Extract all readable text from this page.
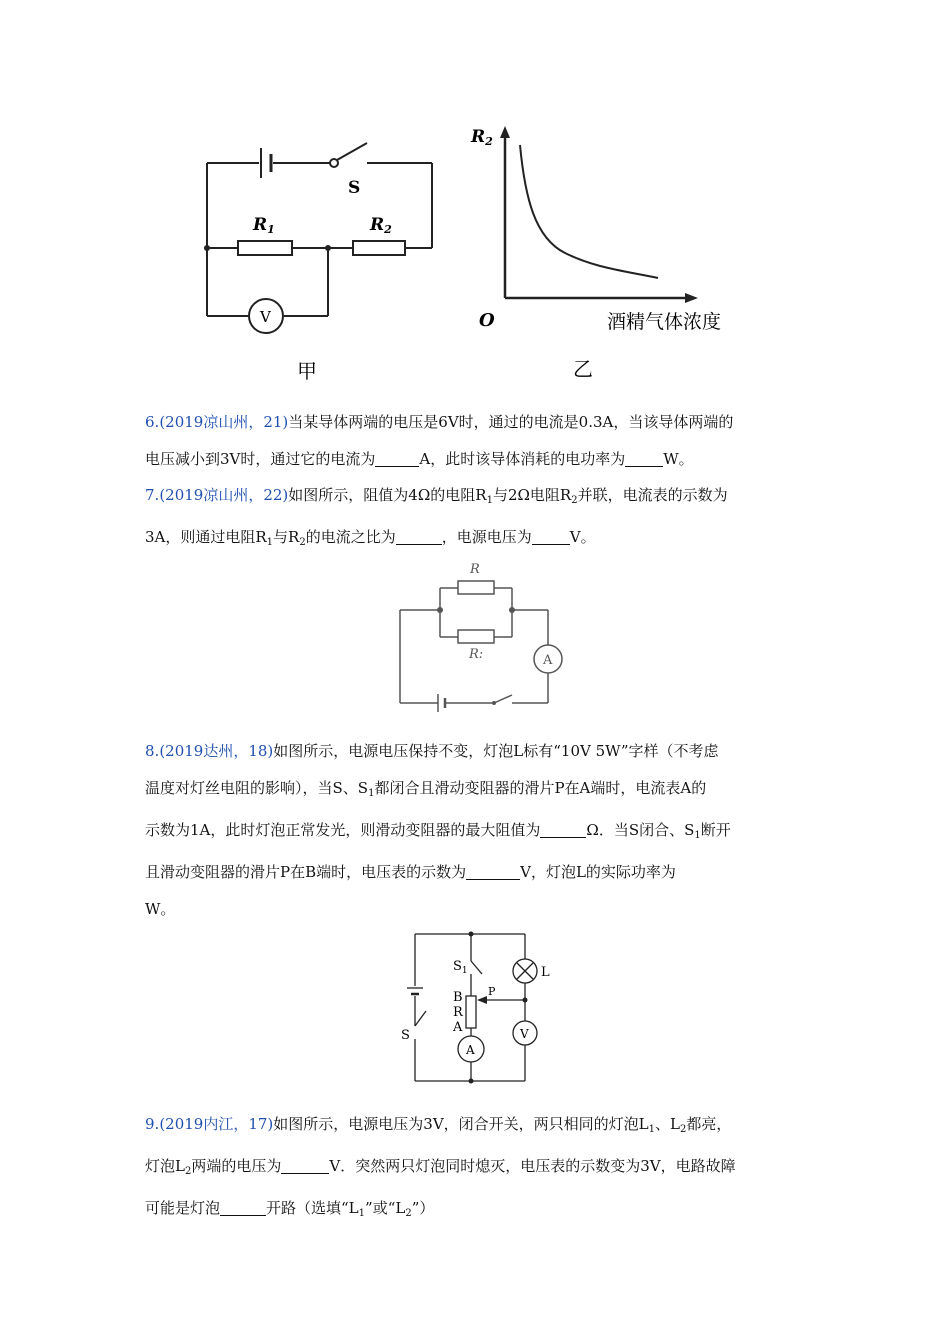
S
R1	R2
V
甲
R2
O	酒精气体浓度
乙
6.(2019凉山州，21)当某导体两端的电压是6V时，通过的电流是0.3A，当该导体两端的
电压减小到3V时，通过它的电流为	A，此时该导体消耗的电功率为	W。
7.(2019凉山州，22)如图所示，阻值为4Ω的电阻$R_1$与2Ω电阻$R_2$并联，电流表的示数为
3A，则通过电阻$R_1$与$R_2$的电流之比为	，电源电压为	V。
R
R:	A
8.(2019达州，18)如图所示，电源电压保持不变，灯泡L标有“10V 5W”字样（不考虑
温度对灯丝电阻的影响），当S、$S_1$都闭合且滑动变阻器的滑片P在A端时，电流表A的
示数为1A，此时灯泡正常发光，则滑动变阻器的最大阻值为	Ω．当S闭合、$S_1$断开
且滑动变阻器的滑片P在B端时，电压表的示数为	V，灯泡L的实际功率为
W。
$S_1$
B
R
A
P
L
S
A
V
9.(2019内江，17)如图所示，电源电压为3V，闭合开关，两只相同的灯泡$L_1$、$L_2$都亮，
灯泡$L_2$两端的电压为	V．突然两只灯泡同时熄灭，电压表的示数变为3V，电路故障
可能是灯泡	开路（选填“$L_1$”或“$L_2$”）
